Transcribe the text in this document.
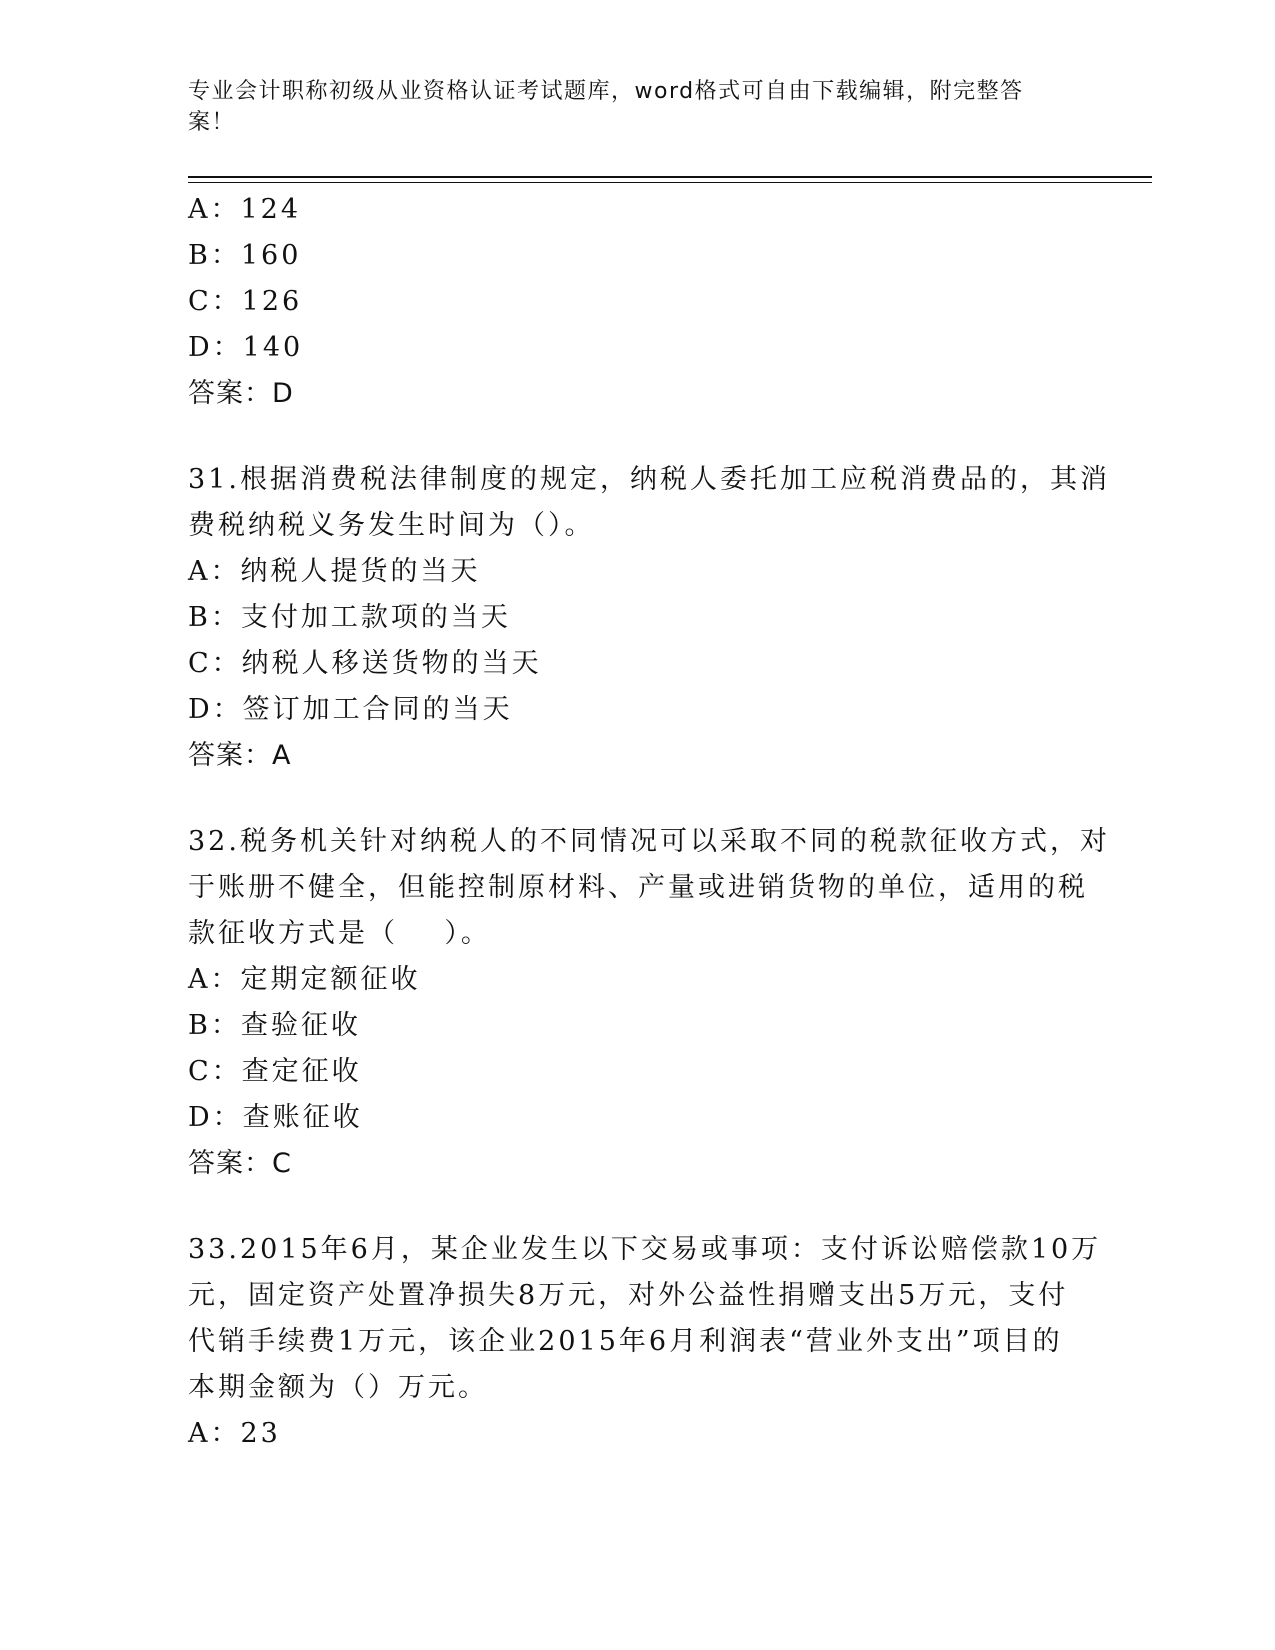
专业会计职称初级从业资格认证考试题库，word格式可自由下载编辑，附完整答案！
A：124
B：160
C：126
D：140
答案：D
31.根据消费税法律制度的规定，纳税人委托加工应税消费品的，其消
费税纳税义务发生时间为（）。
A：纳税人提货的当天
B：支付加工款项的当天
C：纳税人移送货物的当天
D：签订加工合同的当天
答案：A
32.税务机关针对纳税人的不同情况可以采取不同的税款征收方式，对
于账册不健全，但能控制原材料、产量或进销货物的单位，适用的税
款征收方式是（    ）。
A：定期定额征收
B：查验征收
C：查定征收
D：查账征收
答案：C
33.2015年6月，某企业发生以下交易或事项：支付诉讼赔偿款10万
元，固定资产处置净损失8万元，对外公益性捐赠支出5万元，支付
代销手续费1万元，该企业2015年6月利润表“营业外支出”项目的
本期金额为（）万元。
A：23
